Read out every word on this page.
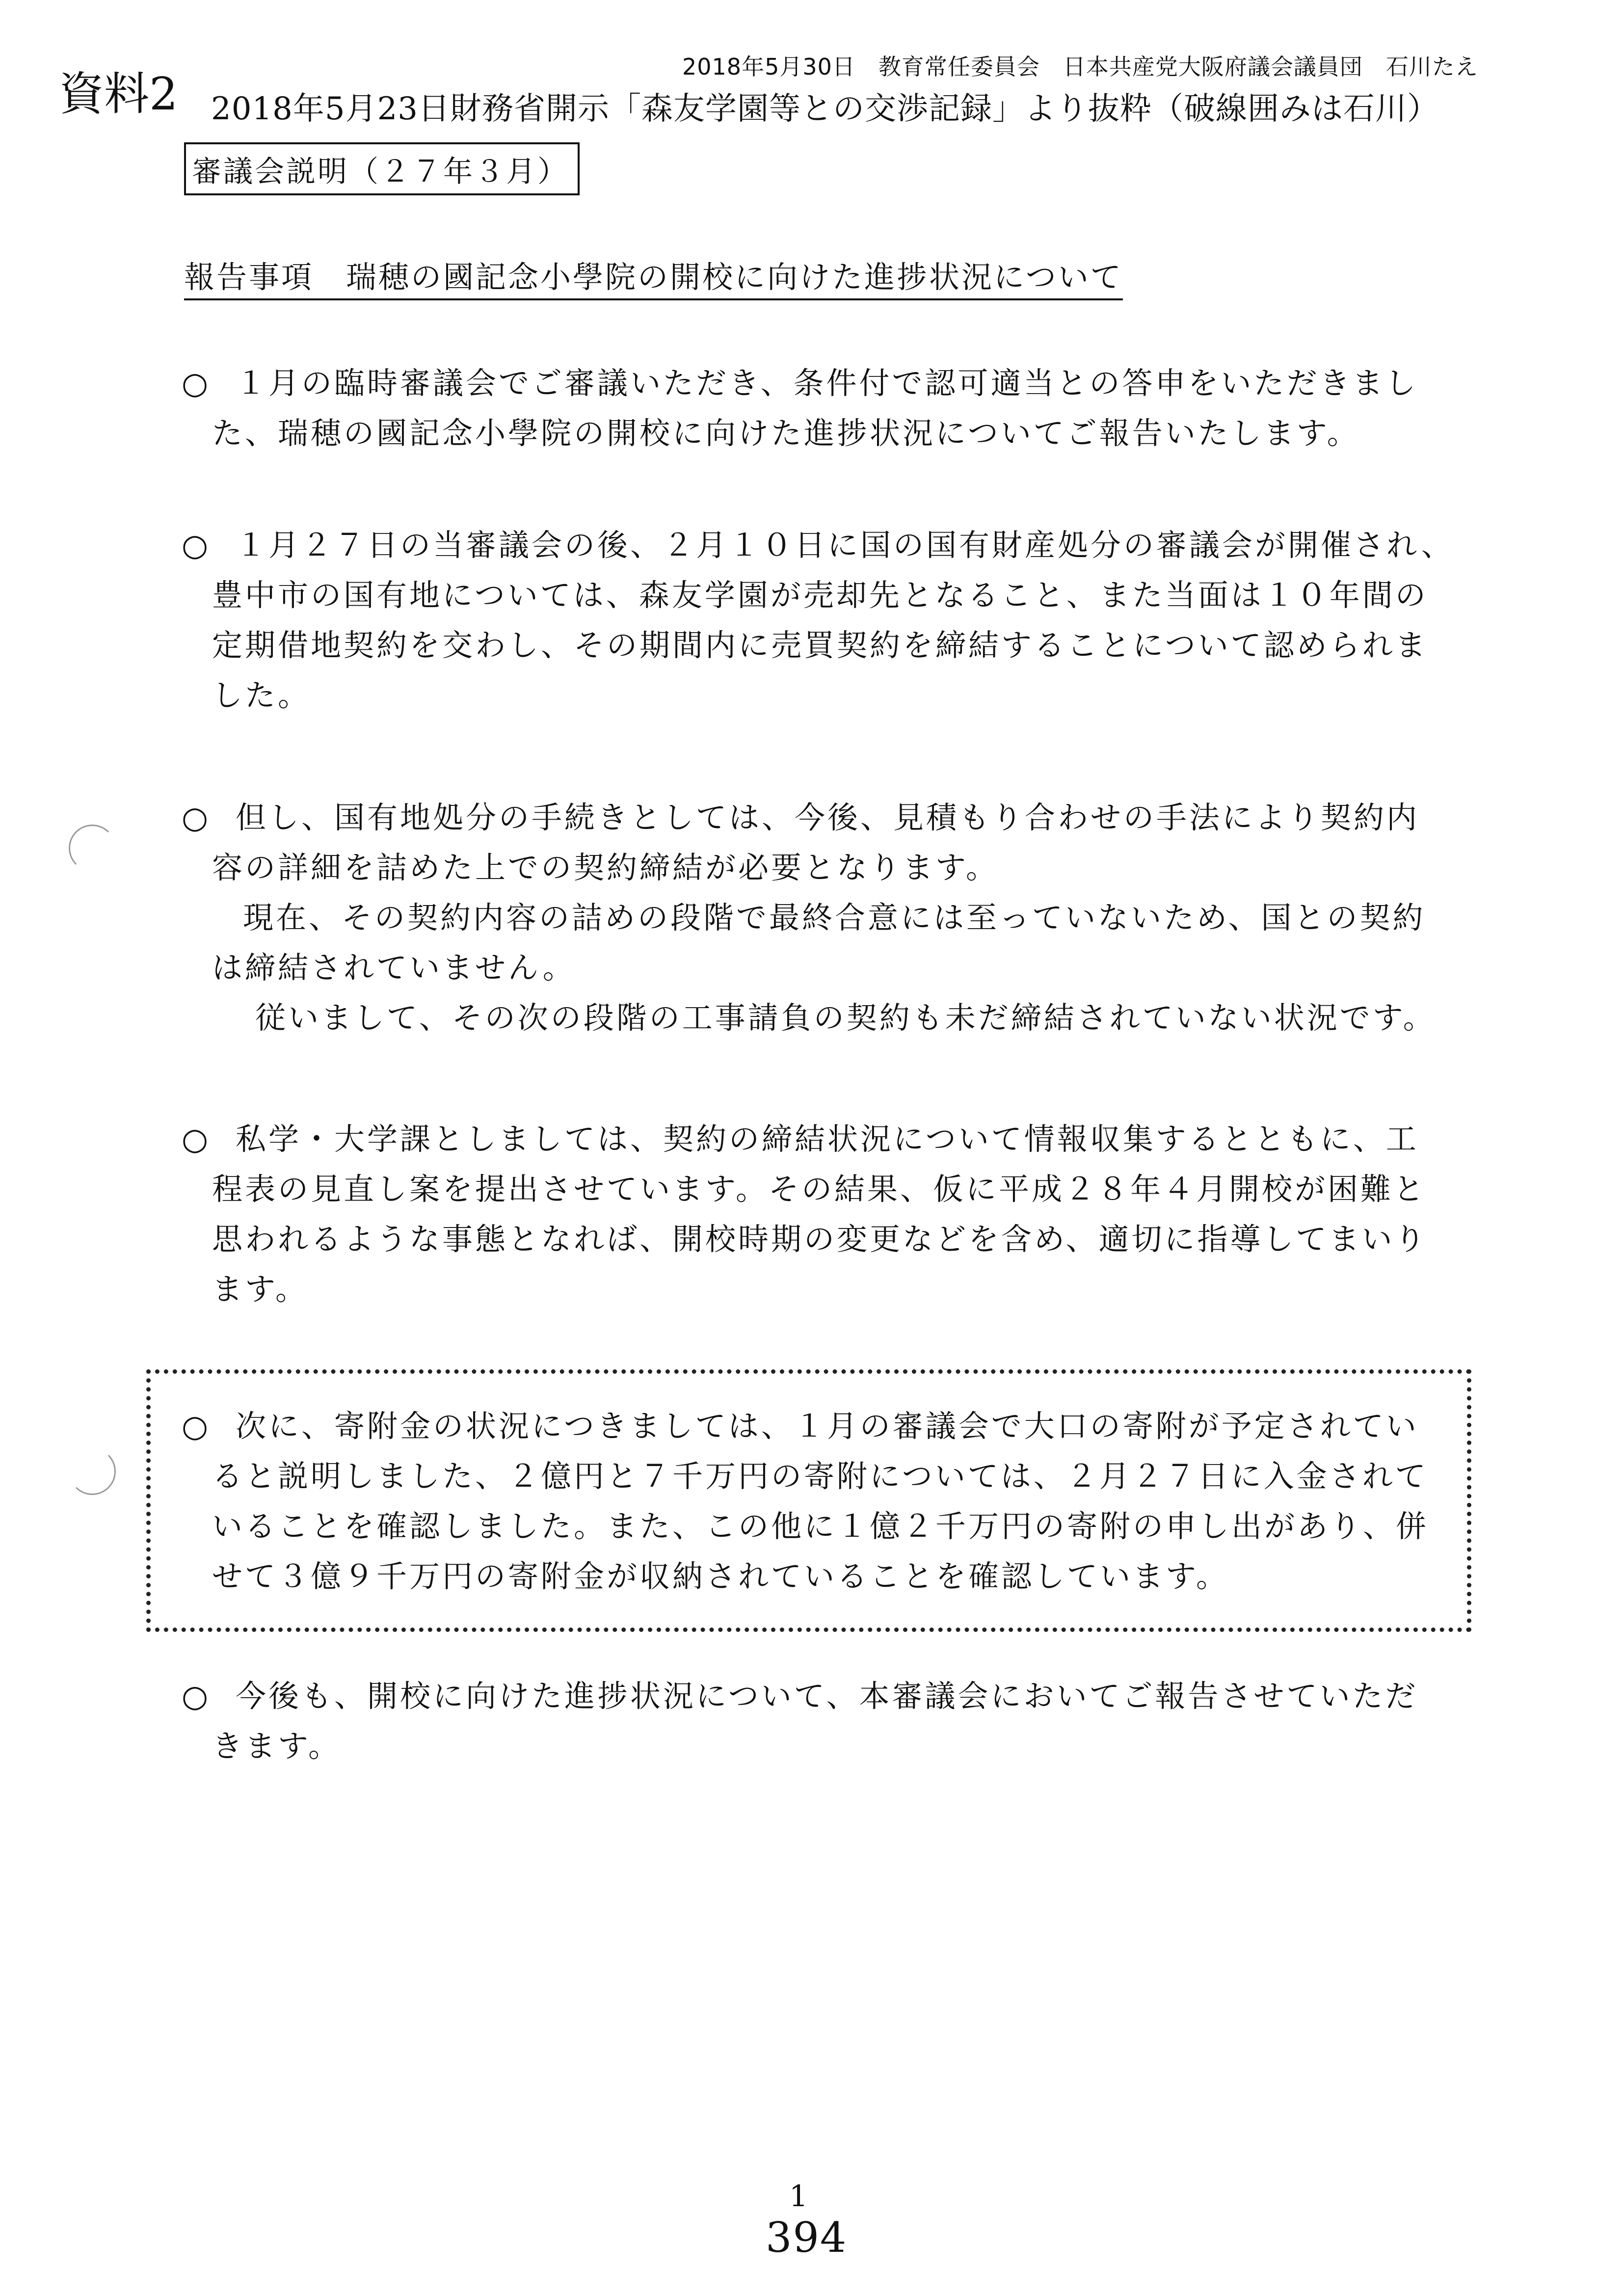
2018年5月30日　教育常任委員会　日本共産党大阪府議会議員団　石川たえ
資料2 2018年5月23日財務省開示「森友学園等との交渉記録」より抜粋（破線囲みは石川）
審議会説明（２７年３月）
報告事項　瑞穂の國記念小學院の開校に向けた進捗状況について
○ １月の臨時審議会でご審議いただき、条件付で認可適当との答申をいただきまし
た、瑞穂の國記念小學院の開校に向けた進捗状況についてご報告いたします。
○ １月２７日の当審議会の後、２月１０日に国の国有財産処分の審議会が開催され、
豊中市の国有地については、森友学園が売却先となること、また当面は１０年間の
定期借地契約を交わし、その期間内に売買契約を締結することについて認められま
した。
○ 但し、国有地処分の手続きとしては、今後、見積もり合わせの手法により契約内
容の詳細を詰めた上での契約締結が必要となります。
現在、その契約内容の詰めの段階で最終合意には至っていないため、国との契約
は締結されていません。
従いまして、その次の段階の工事請負の契約も未だ締結されていない状況です。
○ 私学・大学課としましては、契約の締結状況について情報収集するとともに、工
程表の見直し案を提出させています。その結果、仮に平成２８年４月開校が困難と
思われるような事態となれば、開校時期の変更などを含め、適切に指導してまいり
ます。
○ 次に、寄附金の状況につきましては、１月の審議会で大口の寄附が予定されてい
ると説明しました、２億円と７千万円の寄附については、２月２７日に入金されて
いることを確認しました。また、この他に１億２千万円の寄附の申し出があり、併
せて３億９千万円の寄附金が収納されていることを確認しています。
○ 今後も、開校に向けた進捗状況について、本審議会においてご報告させていただ
きます。
1
394
